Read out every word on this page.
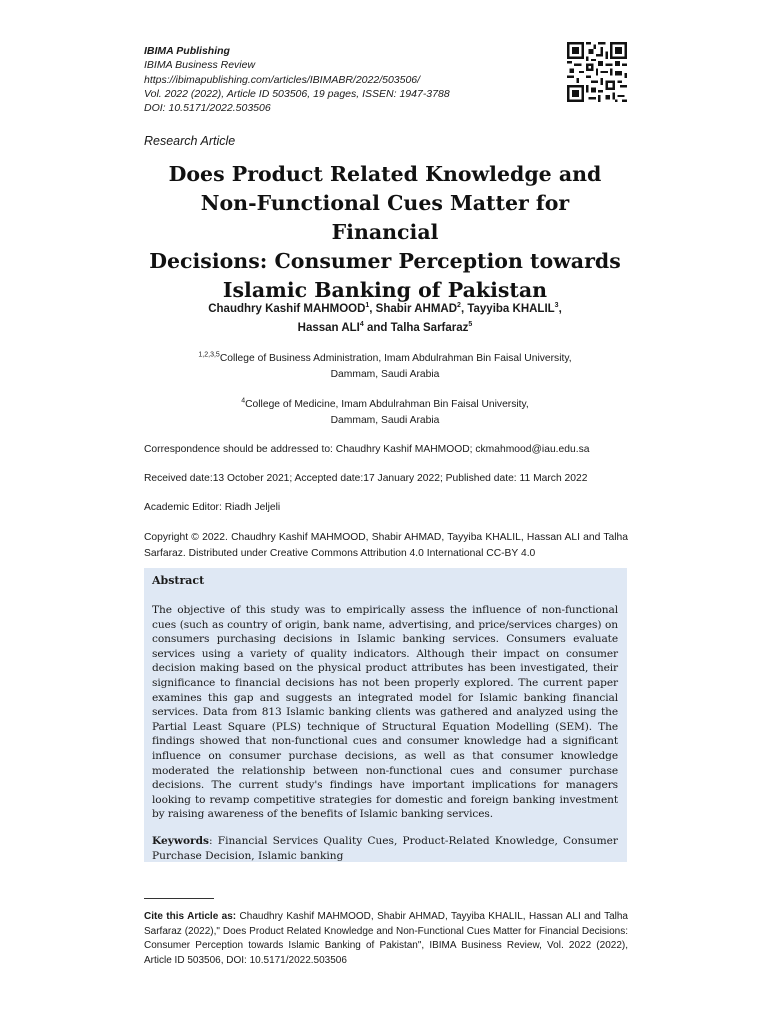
IBIMA Publishing
IBIMA Business Review
https://ibimapublishing.com/articles/IBIMABR/2022/503506/
Vol. 2022 (2022), Article ID 503506, 19 pages, ISSEN: 1947-3788
DOI: 10.5171/2022.503506
Research Article
Does Product Related Knowledge and
Non-Functional Cues Matter for Financial
Decisions: Consumer Perception towards
Islamic Banking of Pakistan
Chaudhry Kashif MAHMOOD$^1$, Shabir AHMAD$^2$, Tayyiba KHALIL$^3$,
Hassan ALI$^4$ and Talha Sarfaraz$^5$
$^{1,2,3,5}$College of Business Administration, Imam Abdulrahman Bin Faisal University,
Dammam, Saudi Arabia
$^4$College of Medicine, Imam Abdulrahman Bin Faisal University,
Dammam, Saudi Arabia
Correspondence should be addressed to: Chaudhry Kashif MAHMOOD; ckmahmood@iau.edu.sa
Received date:13 October 2021; Accepted date:17 January 2022; Published date: 11 March 2022
Academic Editor: Riadh Jeljeli
Copyright © 2022. Chaudhry Kashif MAHMOOD, Shabir AHMAD, Tayyiba KHALIL, Hassan ALI and Talha Sarfaraz. Distributed under Creative Commons Attribution 4.0 International CC-BY 4.0
Abstract
The objective of this study was to empirically assess the influence of non-functional cues (such as country of origin, bank name, advertising, and price/services charges) on consumers purchasing decisions in Islamic banking services. Consumers evaluate services using a variety of quality indicators. Although their impact on consumer decision making based on the physical product attributes has been investigated, their significance to financial decisions has not been properly explored. The current paper examines this gap and suggests an integrated model for Islamic banking financial services. Data from 813 Islamic banking clients was gathered and analyzed using the Partial Least Square (PLS) technique of Structural Equation Modelling (SEM). The findings showed that non-functional cues and consumer knowledge had a significant influence on consumer purchase decisions, as well as that consumer knowledge moderated the relationship between non-functional cues and consumer purchase decisions. The current study's findings have important implications for managers looking to revamp competitive strategies for domestic and foreign banking investment by raising awareness of the benefits of Islamic banking services.
Keywords: Financial Services Quality Cues, Product-Related Knowledge, Consumer Purchase Decision, Islamic banking
Cite this Article as: Chaudhry Kashif MAHMOOD, Shabir AHMAD, Tayyiba KHALIL, Hassan ALI and Talha Sarfaraz (2022)," Does Product Related Knowledge and Non-Functional Cues Matter for Financial Decisions: Consumer Perception towards Islamic Banking of Pakistan", IBIMA Business Review, Vol. 2022 (2022), Article ID 503506, DOI: 10.5171/2022.503506
